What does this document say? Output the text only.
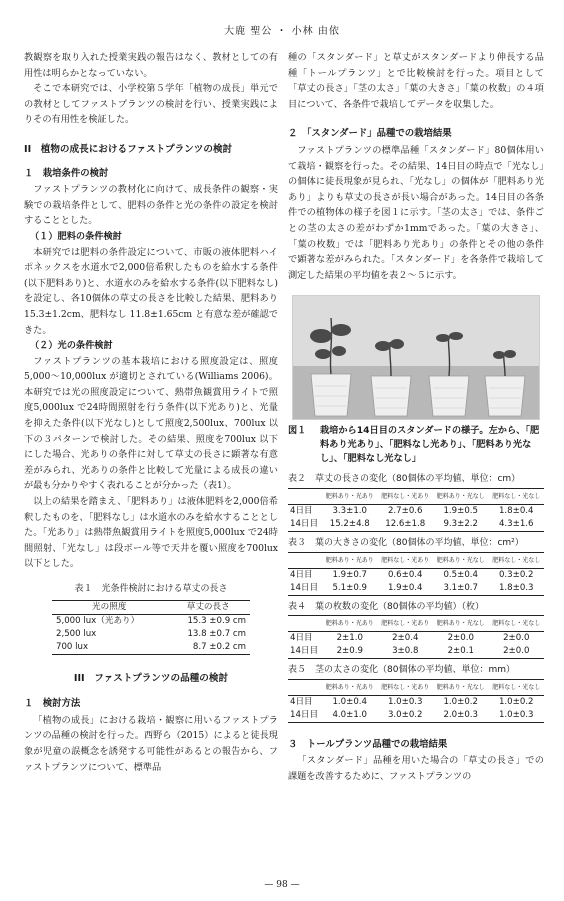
大鹿 聖公 ・ 小林 由依

教観察を取り入れた授業実践の報告はなく、教材としての有用性は明らかとなっていない。

そこで本研究では、小学校第５学年「植物の成長」単元での教材としてファストプランツの検討を行い、授業実践によりその有用性を検証した。

II　植物の成長におけるファストプランツの検討
１　栽培条件の検討

ファストプランツの教材化に向けて、成長条件の観察・実験での栽培条件として、肥料の条件と光の条件の設定を検討することとした。

（１）肥料の条件検討

本研究では肥料の条件設定について、市販の液体肥料ハイポネックスを水道水で2,000倍希釈したものを給水する条件(以下肥料あり)と、水道水のみを給水する条件(以下肥料なし)を設定し、各10個体の草丈の長さを比較した結果、肥料あり 15.3±1.2cm、肥料なし 11.8±1.65cm と有意な差が確認できた。

（２）光の条件検討

ファストプランツの基本栽培における照度設定は、照度5,000～10,000lux が適切とされている(Williams 2006)。本研究では光の照度設定について、熱帯魚観賞用ライトで照度5,000lux で24時間照射を行う条件(以下光あり)と、光量を抑えた条件(以下光なし)として照度2,500lux、700lux 以下の３パターンで検討した。その結果、照度を700lux 以下にした場合、光ありの条件に対して草丈の長さに顕著な有意差がみられ、光ありの条件と比較して光量による成長の違いが最も分かりやすく表れることが分かった（表1）。

以上の結果を踏まえ、「肥料あり」は液体肥料を2,000倍希釈したものを、「肥料なし」は水道水のみを給水することとした。「光あり」は熱帯魚観賞用ライトを照度5,000lux で24時間照射、「光なし」は段ボール等で天井を覆い照度を700lux 以下とした。

表１　光条件検討における草丈の長さ
光の照度	草丈の長さ
5,000 lux（光あり）	15.3 ±0.9 cm
2,500 lux	13.8 ±0.7 cm
700 lux	8.7 ±0.2 cm
III　ファストプランツの品種の検討
１　検討方法

「植物の成長」における栽培・観察に用いるファストプランツの品種の検討を行った。西野ら（2015）によると徒長現象が児童の誤概念を誘発する可能性があるとの報告から、ファストプランツについて、標準品

種の「スタンダード」と草丈がスタンダードより伸長する品種「トールプランツ」とで比較検討を行った。項目として「草丈の長さ」「茎の太さ」「葉の大きさ」「葉の枚数」の４項目について、各条件で栽培してデータを収集した。

２　「スタンダード」品種での栽培結果

ファストプランツの標準品種「スタンダード」80個体用いて栽培・観察を行った。その結果、14日目の時点で「光なし」の個体に徒長現象が見られ、「光なし」の個体が「肥料あり光あり」よりも草丈の長さが長い場合があった。14日目の各条件での植物体の様子を図１に示す。「茎の太さ」では、条件ごとの茎の太さの差がわずか1mmであった。「葉の大きさ」、「葉の枚数」では「肥料あり光あり」の条件とその他の条件で顕著な差がみられた。「スタンダード」を各条件で栽培して測定した結果の平均値を表２～５に示す。

図１	栽培から14日目のスタンダードの様子。左から、「肥料あり光あり」、「肥料なし光あり」、「肥料あり光なし」、「肥料なし光なし」
表２　草丈の長さの変化（80個体の平均値、単位：cm）
	肥料あり・光あり	肥料なし・光あり	肥料あり・光なし	肥料なし・光なし
4日目	3.3±1.0	2.7±0.6	1.9±0.5	1.8±0.4
14日目	15.2±4.8	12.6±1.8	9.3±2.2	4.3±1.6
表３　葉の大きさの変化（80個体の平均値、単位：cm²）
	肥料あり・光あり	肥料なし・光あり	肥料あり・光なし	肥料なし・光なし
4日目	1.9±0.7	0.6±0.4	0.5±0.4	0.3±0.2
14日目	5.1±0.9	1.9±0.4	3.1±0.7	1.8±0.3
表４　葉の枚数の変化（80個体の平均値）（枚）
	肥料あり・光あり	肥料なし・光あり	肥料あり・光なし	肥料なし・光なし
4日目	2±1.0	2±0.4	2±0.0	2±0.0
14日目	2±0.9	3±0.8	2±0.1	2±0.0
表５　茎の太さの変化（80個体の平均値、単位：mm）
	肥料あり・光あり	肥料なし・光あり	肥料あり・光なし	肥料なし・光なし
4日目	1.0±0.4	1.0±0.3	1.0±0.2	1.0±0.2
14日目	4.0±1.0	3.0±0.2	2.0±0.3	1.0±0.3
３　トールプランツ品種での栽培結果

「スタンダード」品種を用いた場合の「草丈の長さ」での課題を改善するために、ファストプランツの

— 98 —
